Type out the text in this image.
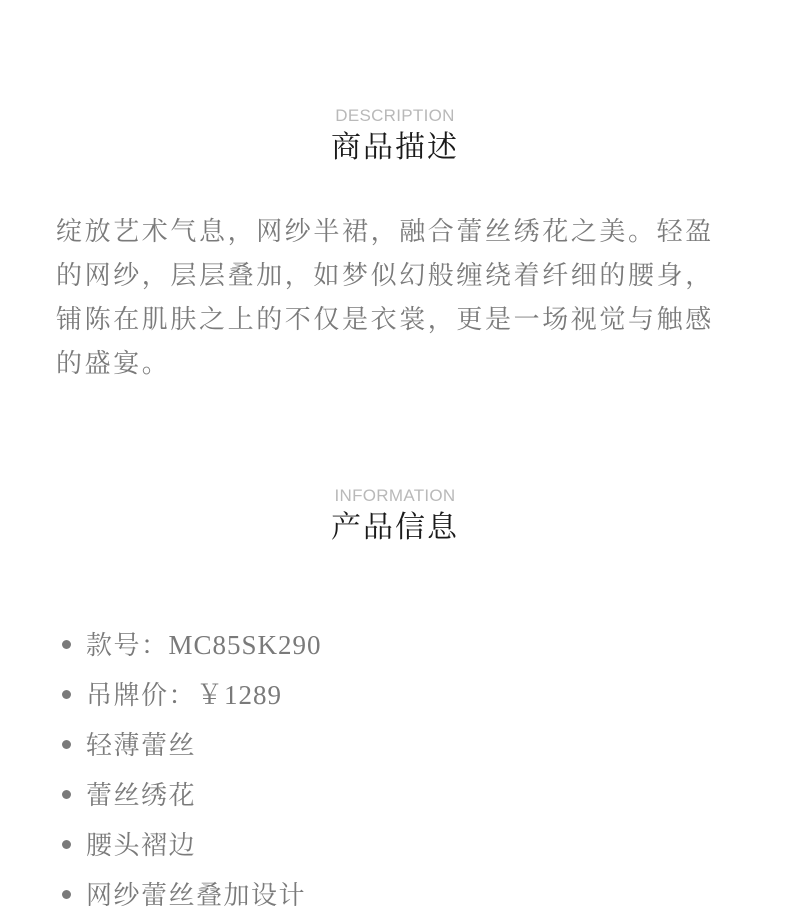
DESCRIPTION
商品描述

绽放艺术气息，网纱半裙，融合蕾丝绣花之美。轻盈的网纱，层层叠加，如梦似幻般缠绕着纤细的腰身，铺陈在肌肤之上的不仅是衣裳，更是一场视觉与触感的盛宴。

INFORMATION
产品信息
款号：MC85SK290
吊牌价：￥1289
轻薄蕾丝
蕾丝绣花
腰头褶边
网纱蕾丝叠加设计
